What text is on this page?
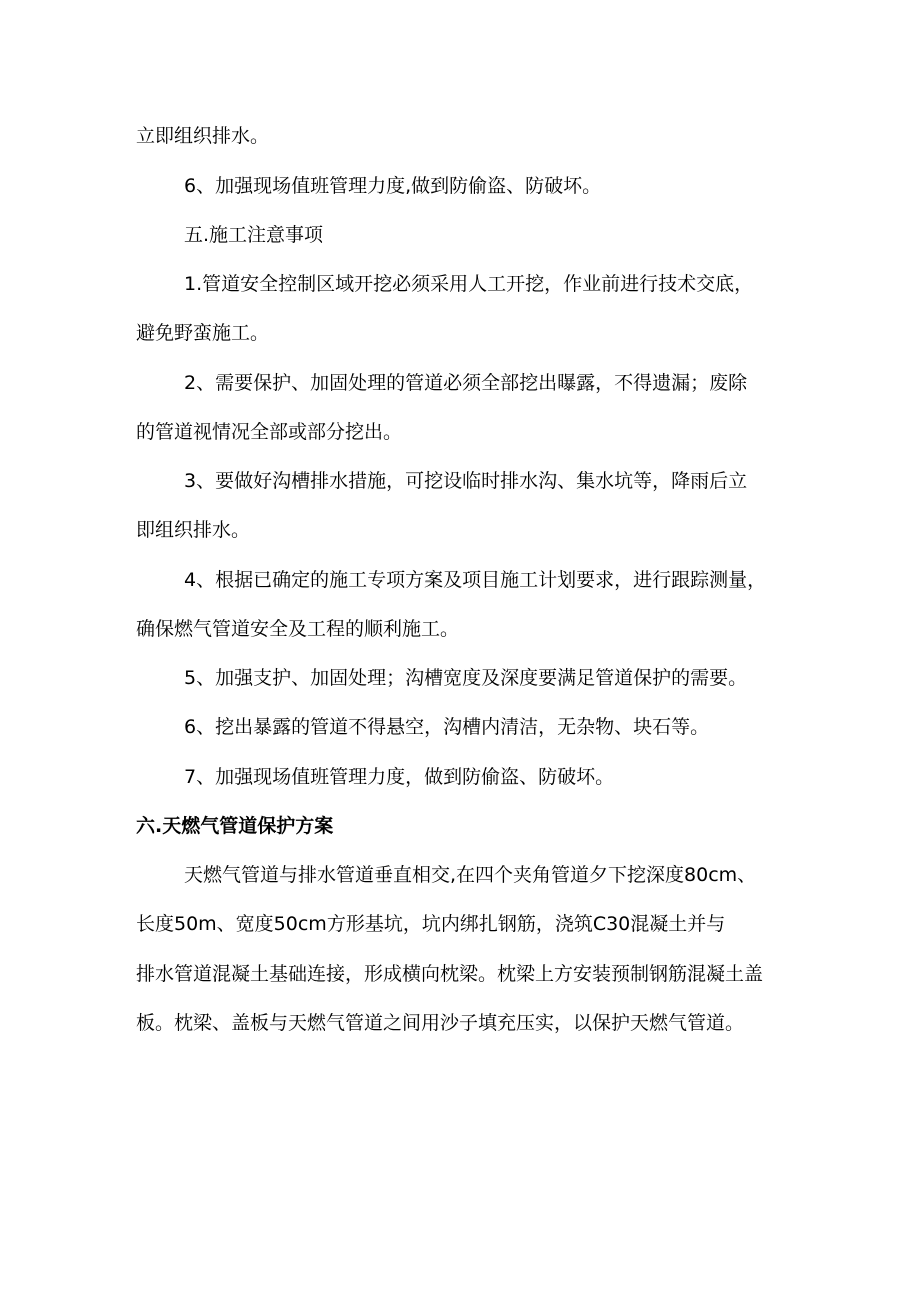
立即组织排水。

6、加强现场值班管理力度,做到防偷盗、防破坏。

五.施工注意事项

1.管道安全控制区域开挖必须采用人工开挖，作业前进行技术交底，

避免野蛮施工。

2、需要保护、加固处理的管道必须全部挖出曝露，不得遗漏；废除

的管道视情况全部或部分挖出。

3、要做好沟槽排水措施，可挖设临时排水沟、集水坑等，降雨后立

即组织排水。

4、根据已确定的施工专项方案及项目施工计划要求，进行跟踪测量，

确保燃气管道安全及工程的顺利施工。

5、加强支护、加固处理；沟槽宽度及深度要满足管道保护的需要。

6、挖出暴露的管道不得悬空，沟槽内清洁，无杂物、块石等。

7、加强现场值班管理力度，做到防偷盗、防破坏。

六.天燃气管道保护方案

天燃气管道与排水管道垂直相交,在四个夹角管道夕下挖深度80cm、

长度50m、宽度50cm方形基坑，坑内绑扎钢筋，浇筑C30混凝土并与

排水管道混凝土基础连接，形成横向枕梁。枕梁上方安装预制钢筋混凝土盖

板。枕梁、盖板与天燃气管道之间用沙子填充压实，以保护天燃气管道。
